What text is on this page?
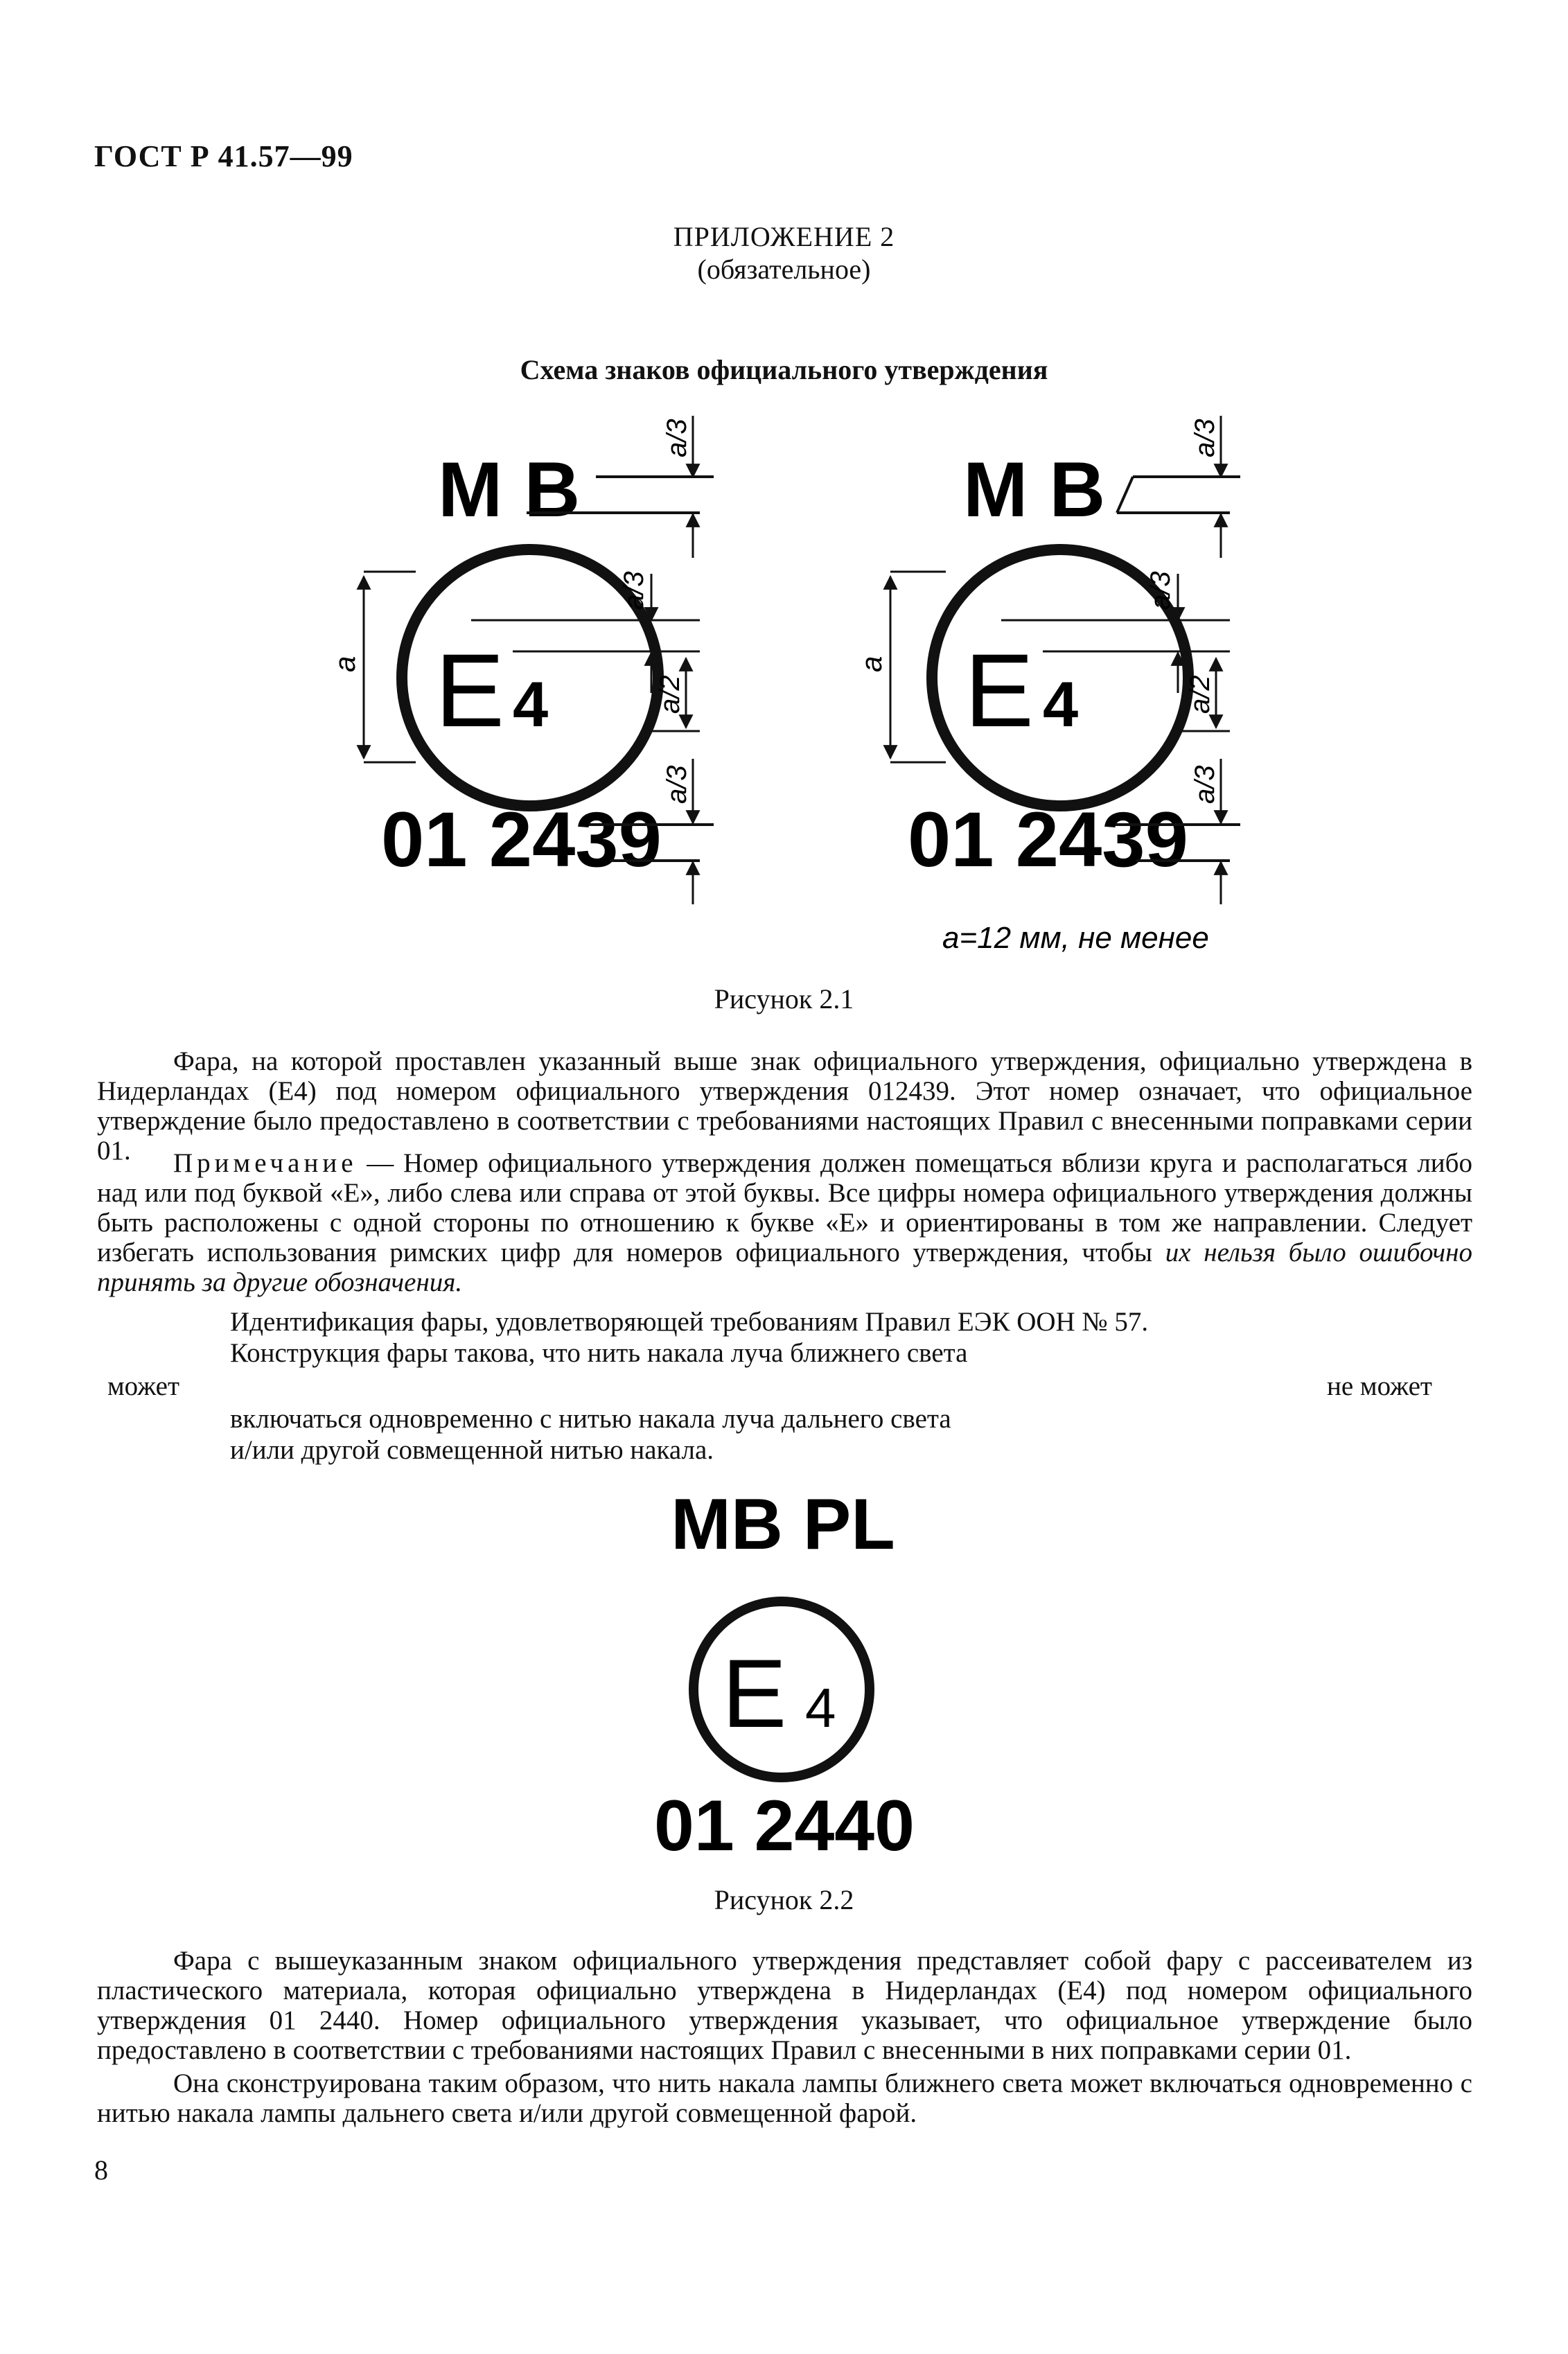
ГОСТ Р 41.57—99
ПРИЛОЖЕНИЕ 2
(обязательное)
Схема знаков официального утверждения
M B
a/3
E 4
a/3
a/2
a
01 2439
a/3
M B
a/3
E 4
a/3
a/2
a
01 2439
a/3
a=12 мм, не менее
Рисунок 2.1
Фара, на которой проставлен указанный выше знак официального утверждения, официально утверждена в Нидерландах (Е4) под номером официального утверждения 012439. Этот номер означает, что официальное утверждение было предоставлено в соответствии с требованиями настоящих Правил с внесенными поправками серии 01.	Примечание — Номер официального утверждения должен помещаться вблизи круга и располагаться либо над или под буквой «Е», либо слева или справа от этой буквы. Все цифры номера официального утверждения должны быть расположены с одной стороны по отношению к букве «Е» и ориентированы в том же направлении. Следует избегать использования римских цифр для номеров официального утверждения, чтобы их нельзя было ошибочно принять за другие обозначения.
Идентификация фары, удовлетворяющей требованиям Правил ЕЭК ООН № 57.
Конструкция фары такова, что нить накала луча ближнего света
может	не может
включаться одновременно с нитью накала луча дальнего света
и/или другой совмещенной нитью накала.
MB PL
E 4
01 2440
Рисунок 2.2
Фара с вышеуказанным знаком официального утверждения представляет собой фару с рассеивателем из пластического материала, которая официально утверждена в Нидерландах (Е4) под номером официального утверждения 01 2440. Номер официального утверждения указывает, что официальное утверждение было предоставлено в соответствии с требованиями настоящих Правил с внесенными в них поправками серии 01.
Она сконструирована таким образом, что нить накала лампы ближнего света может включаться одновременно с нитью накала лампы дальнего света и/или другой совмещенной фарой.
8
